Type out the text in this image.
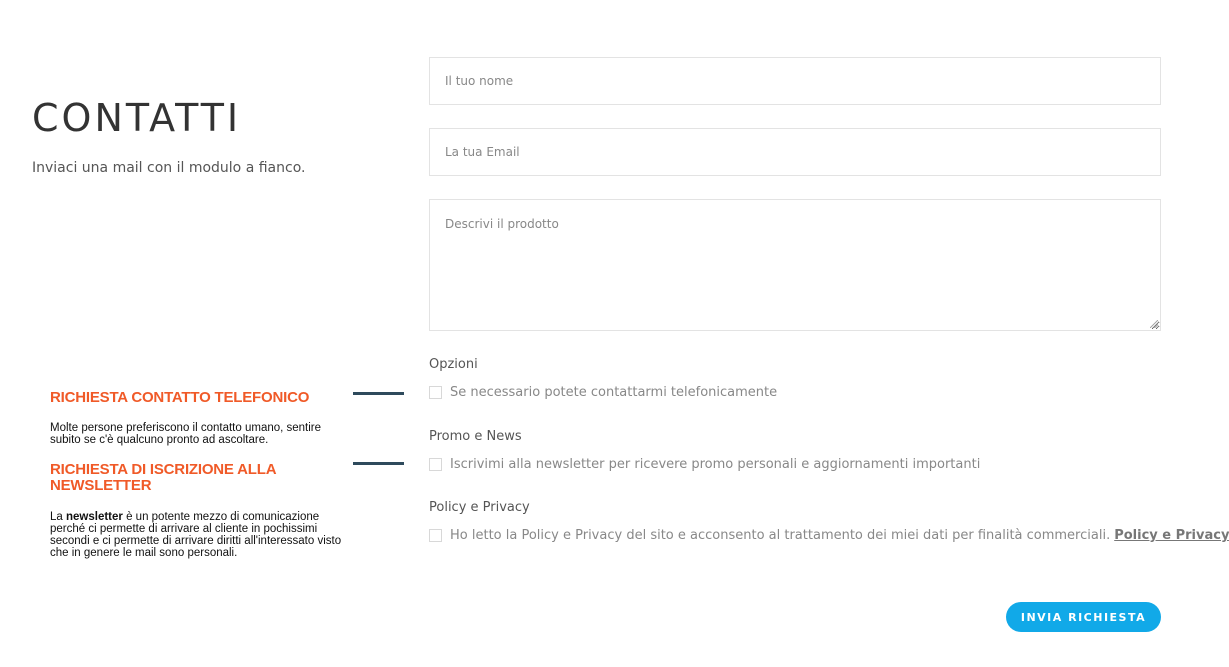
CONTATTI

Inviaci una mail con il modulo a fianco.

Il tuo nome
La tua Email
Descrivi il prodotto

Opzioni

Se necessario potete contattarmi telefonicamente

Promo e News

Iscrivimi alla newsletter per ricevere promo personali e aggiornamenti importanti

Policy e Privacy

Ho letto la Policy e Privacy del sito e acconsento al trattamento dei miei dati per finalità commerciali. Policy e Privacy

RICHIESTA CONTATTO TELEFONICO

Molte persone preferiscono il contatto umano, sentire subito se c'è qualcuno pronto ad ascoltare.

RICHIESTA DI ISCRIZIONE ALLA
NEWSLETTER

La newsletter è un potente mezzo di comunicazione perché ci permette di arrivare al cliente in pochissimi secondi e ci permette di arrivare diritti all'interessato visto che in genere le mail sono personali.

INVIA RICHIESTA
